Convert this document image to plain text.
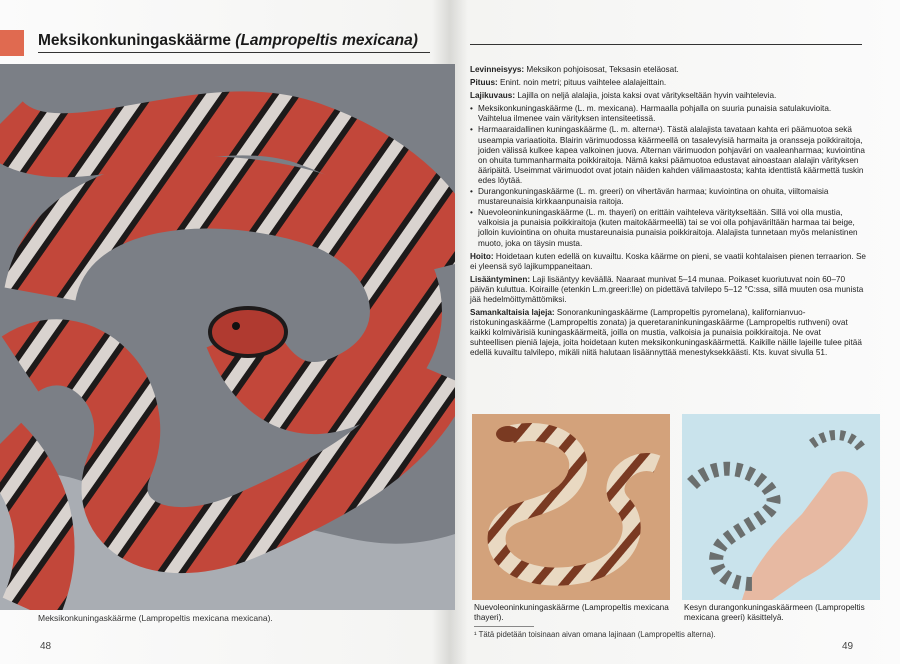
Meksikonkuningaskäärme (Lampropeltis mexicana)
Meksikonkuningaskäärme (Lampropeltis mexicana mexicana).
48

Levinneisyys: Meksikon pohjoisosat, Teksasin eteläosat.

Pituus: Enint. noin metri; pituus vaihtelee alalajeittain.

Lajikuvaus: Lajilla on neljä alalajia, joista kaksi ovat väritykseltään hyvin vaihtelevia.

• Meksikonkuningaskäärme (L. m. mexicana). Harmaalla pohjalla on suuria punaisia satulakuvioita. Vaihtelua ilmenee vain värityksen intensiteetissä.
• Harmaaraidallinen kuningaskäärme (L. m. alterna¹). Tästä alalajista tavataan kahta eri päämuotoa sekä useampia variaatioita. Blairin värimuodossa käärmeellä on tasalevyisiä harmaita ja oransseja poikkiraitoja, joiden välissä kulkee kapea valkoinen juova. Alternan värimuodon pohjaväri on vaaleanharmaa; kuviointina on ohuita tummanharmaita poikkiraitoja. Nämä kaksi päämuotoa edustavat ainoastaan alalajin värityksen ääripäitä. Useimmat värimuodot ovat jotain näiden kahden välimaastosta; kahta identtistä käärmettä tuskin edes löytää.
• Durangonkuningaskäärme (L. m. greeri) on vihertävän harmaa; kuviointina on ohuita, viiltomaisia mustareunaisia kirkkaanpunaisia raitoja.
• Nuevoleoninkuningaskäärme (L. m. thayeri) on erittäin vaihteleva väritykseltään. Sillä voi olla mustia, valkoisia ja punaisia poikkiraitoja (kuten maitokäärmeellä) tai se voi olla pohjaväriltään harmaa tai beige, jolloin kuviointina on ohuita mustareunaisia punaisia poikkiraitoja. Alalajista tunnetaan myös melanistinen muoto, joka on täysin musta.

Hoito: Hoidetaan kuten edellä on kuvailtu. Koska käärme on pieni, se vaatii kohtalaisen pienen terraarion. Se ei yleensä syö lajikumppaneitaan.

Lisääntyminen: Laji lisääntyy keväällä. Naaraat munivat 5–14 munaa. Poikaset kuoriutuvat noin 60–70 päivän kuluttua. Koiraille (etenkin L.m.greeri:lle) on pidettävä talvilepo 5–12 °C:ssa, sillä muuten osa munista jää hedelmöittymättömiksi.

Samankaltaisia lajeja: Sonorankuningaskäärme (Lampropeltis pyromelana), kalifornianvuoristokuningaskäärme (Lampropeltis zonata) ja queretaraninkuningaskäärme (Lampropeltis ruthveni) ovat kaikki kolmivärisiä kuningaskäärmeitä, joilla on mustia, valkoisia ja punaisia poikkiraitoja. Ne ovat suhteellisen pieniä lajeja, joita hoidetaan kuten meksikonkuningaskäärmettä. Kaikille näille lajeille tulee pitää edellä kuvailtu talvilepo, mikäli niitä halutaan lisäännyttää menestyksekkäästi. Kts. kuvat sivulla 51.

Nuevoleoninkuningaskäärme (Lampropeltis mexicana thayeri).
Kesyn durangonkuningaskäärmeen (Lampropeltis mexicana greeri) käsittelyä.
¹ Tätä pidetään toisinaan aivan omana lajinaan (Lampropeltis alterna).
49
